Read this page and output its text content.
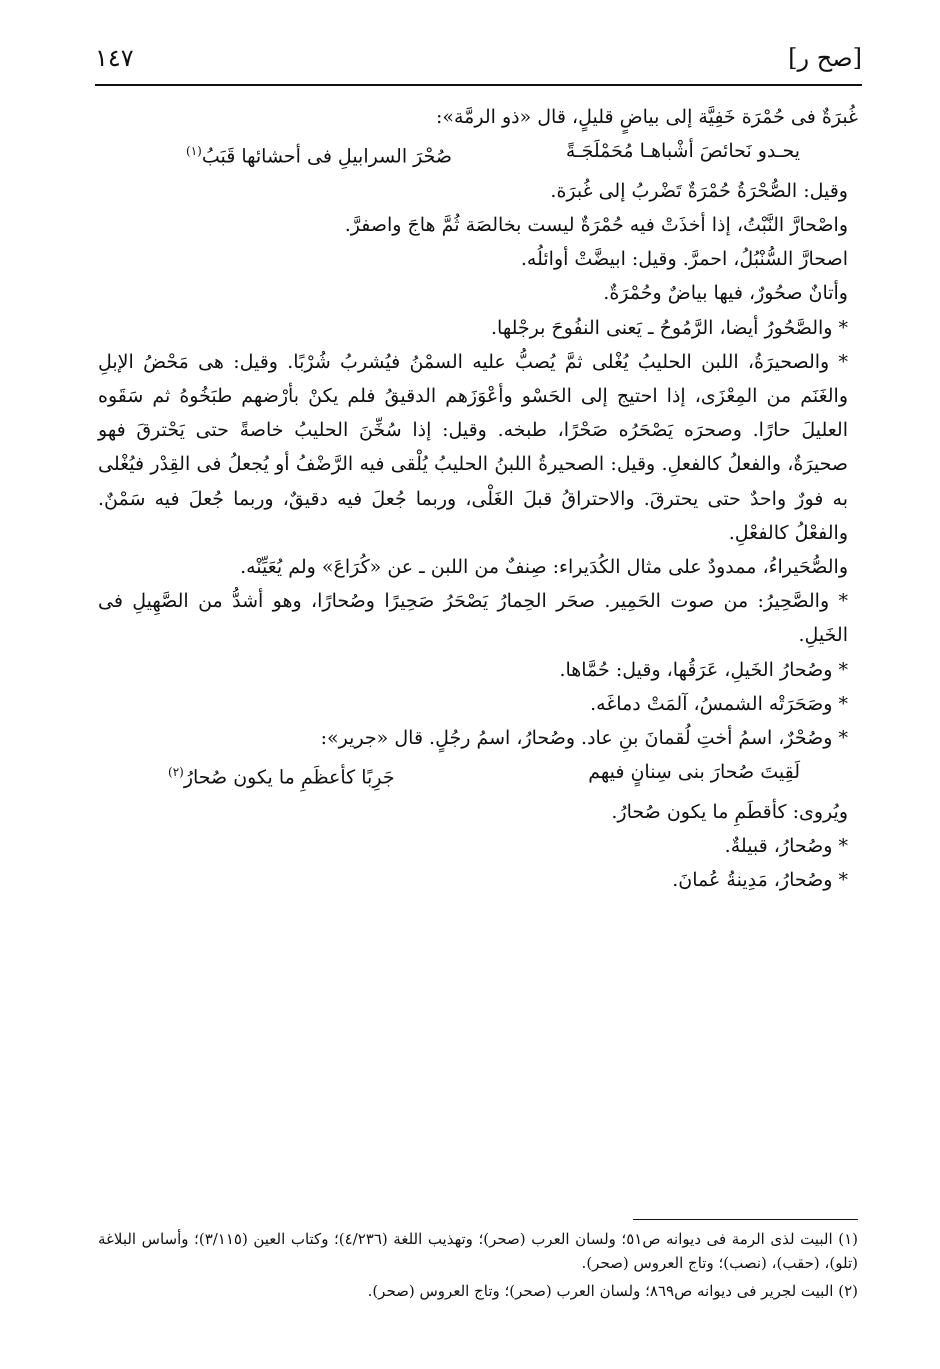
[صح ر]
١٤٧

غُبرَةٌ فى حُمْرَة خَفِيَّة إلى بياضٍ قليلٍ، قال «ذو الرمَّة»:

يحـدو نَحائصَ أشْباهـا مُحَمْلَجَـةً
صُحْرَ السرابيلِ فى أحشائها قَبَبُ$^{(١)}$

وقيل: الصُّحْرَةُ حُمْرَةٌ تَضْربُ إلى غُبرَة.

واصْحارَّ النَّبْتُ، إذا أخذَتْ فيه حُمْرَةٌ ليست بخالصَة ثُمَّ هاجَ واصفرَّ.

اصحارَّ السُّنْبُلُ، احمرَّ. وقيل: ابيضَّتْ أوائلُه.

وأتانٌ صحُورٌ، فيها بياضٌ وحُمْرَةٌ.

* والصَّحُورُ أيضا، الرَّمُوحُ ـ يَعنى النفُوحَ برجْلها.

* والصحيرَةُ، اللبن الحليبُ يُغْلى ثمَّ يُصبُّ عليه السمْنُ فيُشربُ شُرْبًا. وقيل: هى مَحْضُ الإبلِ والغَنَم من المِعْزَى، إذا احتيج إلى الحَسْو وأعْوَزَهم الدقيقُ فلم يكنْ بأرْضهم طبَخُوهُ ثم سَقَوه العليلَ حارًا. وصحرَه يَصْحَرُه صَحْرًا، طبخه. وقيل: إذا سُخِّنَ الحليبُ خاصةً حتى يَحْترقَ فهو صحيرَةٌ، والفعلُ كالفعلِ. وقيل: الصحيرةُ اللبنُ الحليبُ يُلْقى فيه الرَّضْفُ أو يُجعلُ فى القِدْر فيُغْلى به فورٌ واحدٌ حتى يحترقَ. والاحتراقُ قبلَ الغَلْى، وربما جُعلَ فيه دقيقٌ، وربما جُعلَ فيه سَمْنٌ. والفعْلُ كالفعْلِ.

والصُّحَيراءُ، ممدودٌ على مثال الكُدَيراء: صِنفٌ من اللبن ـ عن «كُرَاعَ» ولم يُعَيِّنْه.

* والصَّحِيرُ: من صوت الحَمِير. صحَر الحِمارُ يَصْحَرُ صَحِيرًا وصُحارًا، وهو أشدُّ من الصَّهِيلِ فى الخَيلِ.

* وصُحارُ الخَيلِ، عَرَقُها، وقيل: حُمَّاها.

* وصَحَرَتْه الشمسُ، آلمَتْ دماغَه.

* وصُحْرٌ، اسمُ أختِ لُقمانَ بنِ عاد. وصُحارُ، اسمُ رجُلٍ. قال «جرير»:

لَقِيتَ صُحارَ بنى سِنانٍ فيهم
جَرِبًا كأعظَمِ ما يكون صُحارُ$^{(٢)}$

ويُروى: كأقطَمِ ما يكون صُحارُ.

* وصُحارُ، قبيلةٌ.

* وصُحارُ، مَدِينةُ عُمانَ.

(١) البيت لذى الرمة فى ديوانه ص٥١؛ ولسان العرب (صحر)؛ وتهذيب اللغة (٤/٢٣٦)؛ وكتاب العين (٣/١١٥)؛ وأساس البلاغة (تلو)، (حقب)، (نصب)؛ وتاج العروس (صحر).

(٢) البيت لجرير فى ديوانه ص٨٦٩؛ ولسان العرب (صحر)؛ وتاج العروس (صحر).
